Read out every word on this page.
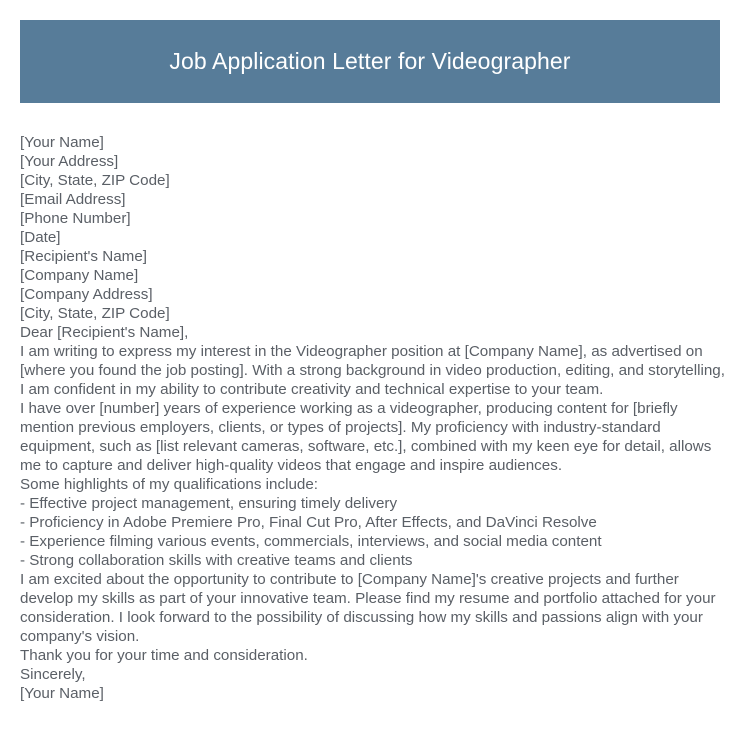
Job Application Letter for Videographer

[Your Name]

[Your Address]

[City, State, ZIP Code]

[Email Address]

[Phone Number]

[Date]

[Recipient's Name]

[Company Name]

[Company Address]

[City, State, ZIP Code]

Dear [Recipient's Name],

I am writing to express my interest in the Videographer position at [Company Name], as advertised on [where you found the job posting]. With a strong background in video production, editing, and storytelling, I am confident in my ability to contribute creativity and technical expertise to your team.

I have over [number] years of experience working as a videographer, producing content for [briefly mention previous employers, clients, or types of projects]. My proficiency with industry-standard equipment, such as [list relevant cameras, software, etc.], combined with my keen eye for detail, allows me to capture and deliver high-quality videos that engage and inspire audiences.

Some highlights of my qualifications include:

- Effective project management, ensuring timely delivery

- Proficiency in Adobe Premiere Pro, Final Cut Pro, After Effects, and DaVinci Resolve

- Experience filming various events, commercials, interviews, and social media content

- Strong collaboration skills with creative teams and clients

I am excited about the opportunity to contribute to [Company Name]'s creative projects and further develop my skills as part of your innovative team. Please find my resume and portfolio attached for your consideration. I look forward to the possibility of discussing how my skills and passions align with your company's vision.

Thank you for your time and consideration.

Sincerely,

[Your Name]
